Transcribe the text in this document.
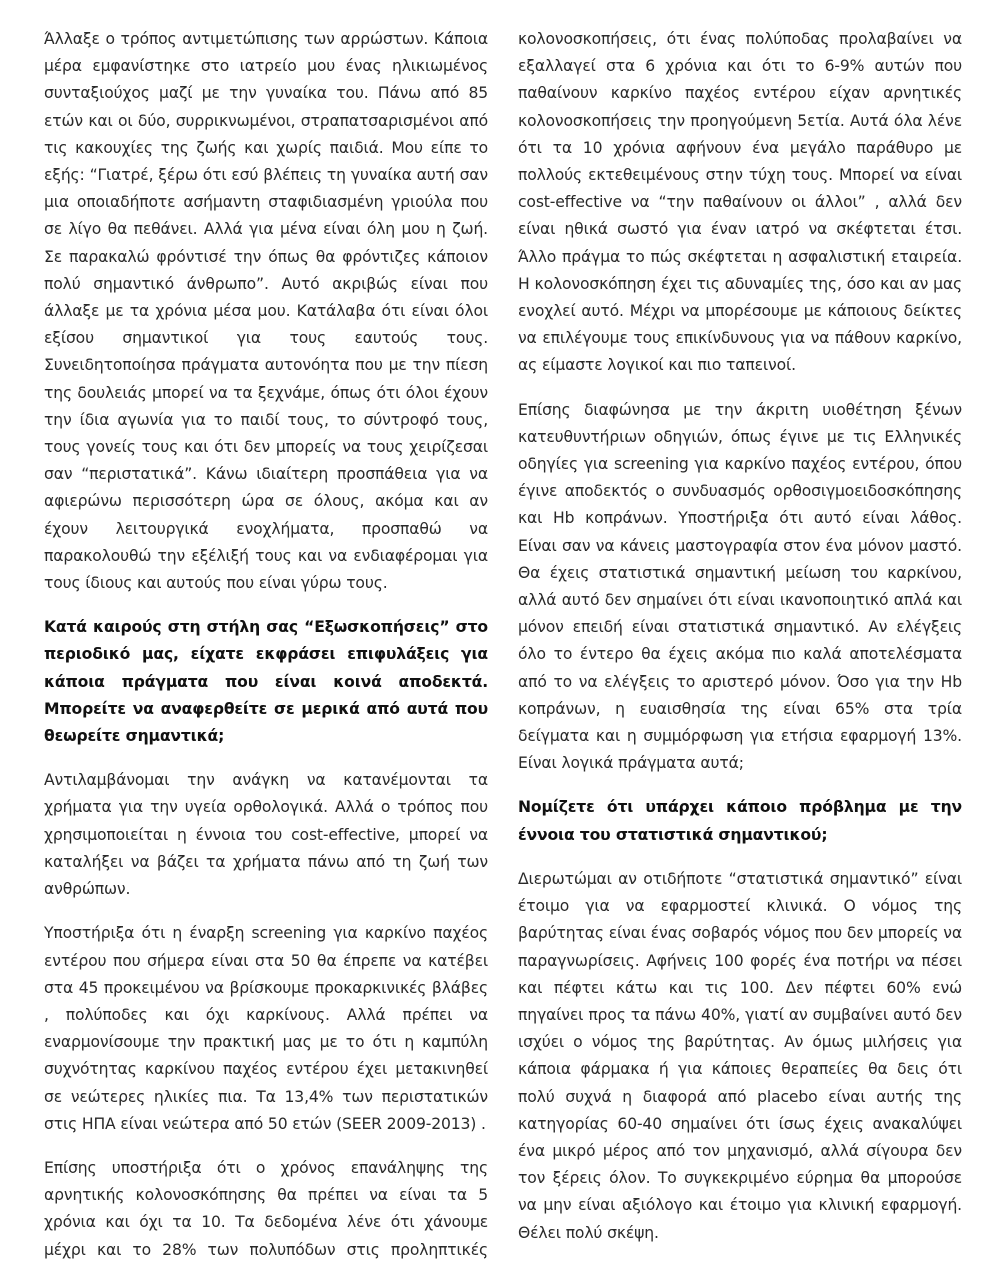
Άλλαξε ο τρόπος αντιμετώπισης των αρρώστων. Κάποια μέρα εμφανίστηκε στο ιατρείο μου ένας ηλικιωμένος συνταξιούχος μαζί με την γυναίκα του. Πάνω από 85 ετών και οι δύο, συρρικνωμένοι, στραπατσαρισμένοι από τις κακουχίες της ζωής και χωρίς παιδιά. Μου είπε το εξής: “Γιατρέ, ξέρω ότι εσύ βλέπεις τη γυναίκα αυτή σαν μια οποιαδήποτε ασήμαντη σταφιδιασμένη γριούλα που σε λίγο θα πεθάνει. Αλλά για μένα είναι όλη μου η ζωή. Σε παρακαλώ φρόντισέ την όπως θα φρόντιζες κάποιον πολύ σημαντικό άνθρωπο”. Αυτό ακριβώς είναι που άλλαξε με τα χρόνια μέσα μου. Κατάλαβα ότι είναι όλοι εξίσου σημαντικοί για τους εαυτούς τους. Συνειδητοποίησα πράγματα αυτονόητα που με την πίεση της δουλειάς μπορεί να τα ξεχνάμε, όπως ότι όλοι έχουν την ίδια αγωνία για το παιδί τους, το σύντροφό τους, τους γονείς τους και ότι δεν μπορείς να τους χειρίζεσαι σαν “περιστατικά”. Κάνω ιδιαίτερη προσπάθεια για να αφιερώνω περισσότερη ώρα σε όλους, ακόμα και αν έχουν λειτουργικά ενοχλήματα, προσπαθώ να παρακολουθώ την εξέλιξή τους και να ενδιαφέρομαι για τους ίδιους και αυτούς που είναι γύρω τους.

Κατά καιρούς στη στήλη σας “Εξωσκοπήσεις” στο περιοδικό μας, είχατε εκφράσει επιφυλάξεις για κάποια πράγματα που είναι κοινά αποδεκτά. Μπορείτε να αναφερθείτε σε μερικά από αυτά που θεωρείτε σημαντικά;

Αντιλαμβάνομαι την ανάγκη να κατανέμονται τα χρήματα για την υγεία ορθολογικά. Αλλά ο τρόπος που χρησιμοποιείται η έννοια του cost-effective, μπορεί να καταλήξει να βάζει τα χρήματα πάνω από τη ζωή των ανθρώπων.

Υποστήριξα ότι η έναρξη screening για καρκίνο παχέος εντέρου που σήμερα είναι στα 50 θα έπρεπε να κατέβει στα 45 προκειμένου να βρίσκουμε προκαρκινικές βλάβες , πολύποδες και όχι καρκίνους. Αλλά πρέπει να εναρμονίσουμε την πρακτική μας με το ότι η καμπύλη συχνότητας καρκίνου παχέος εντέρου έχει μετακινηθεί σε νεώτερες ηλικίες πια. Τα 13,4% των περιστατικών στις ΗΠΑ είναι νεώτερα από 50 ετών (SEER 2009-2013) .

Επίσης υποστήριξα ότι ο χρόνος επανάληψης της αρνητικής κολονοσκόπησης θα πρέπει να είναι τα 5 χρόνια και όχι τα 10. Τα δεδομένα λένε ότι χάνουμε μέχρι και το 28% των πολυπόδων στις προληπτικές κολονοσκοπήσεις, ότι ένας πολύποδας προλαβαίνει να εξαλλαγεί στα 6 χρόνια και ότι το 6-9% αυτών που παθαίνουν καρκίνο παχέος εντέρου είχαν αρνητικές κολονοσκοπήσεις την προηγούμενη 5ετία. Αυτά όλα λένε ότι τα 10 χρόνια αφήνουν ένα μεγάλο παράθυρο με πολλούς εκτεθειμένους στην τύχη τους. Μπορεί να είναι cost-effective να “την παθαίνουν οι άλλοι” , αλλά δεν είναι ηθικά σωστό για έναν ιατρό να σκέφτεται έτσι. Άλλο πράγμα το πώς σκέφτεται η ασφαλιστική εταιρεία. Η κολονοσκόπηση έχει τις αδυναμίες της, όσο και αν μας ενοχλεί αυτό. Μέχρι να μπορέσουμε με κάποιους δείκτες να επιλέγουμε τους επικίνδυνους για να πάθουν καρκίνο, ας είμαστε λογικοί και πιο ταπεινοί.

Επίσης διαφώνησα με την άκριτη υιοθέτηση ξένων κατευθυντήριων οδηγιών, όπως έγινε με τις Ελληνικές οδηγίες για screening για καρκίνο παχέος εντέρου, όπου έγινε αποδεκτός ο συνδυασμός ορθοσιγμοειδοσκόπησης και Hb κοπράνων. Υποστήριξα ότι αυτό είναι λάθος. Είναι σαν να κάνεις μαστογραφία στον ένα μόνον μαστό. Θα έχεις στατιστικά σημαντική μείωση του καρκίνου, αλλά αυτό δεν σημαίνει ότι είναι ικανοποιητικό απλά και μόνον επειδή είναι στατιστικά σημαντικό. Αν ελέγξεις όλο το έντερο θα έχεις ακόμα πιο καλά αποτελέσματα από το να ελέγξεις το αριστερό μόνον. Όσο για την Hb κοπράνων, η ευαισθησία της είναι 65% στα τρία δείγματα και η συμμόρφωση για ετήσια εφαρμογή 13%. Είναι λογικά πράγματα αυτά;

Νομίζετε ότι υπάρχει κάποιο πρόβλημα με την έννοια του στατιστικά σημαντικού;

Διερωτώμαι αν οτιδήποτε “στατιστικά σημαντικό” είναι έτοιμο για να εφαρμοστεί κλινικά. Ο νόμος της βαρύτητας είναι ένας σοβαρός νόμος που δεν μπορείς να παραγνωρίσεις. Αφήνεις 100 φορές ένα ποτήρι να πέσει και πέφτει κάτω και τις 100. Δεν πέφτει 60% ενώ πηγαίνει προς τα πάνω 40%, γιατί αν συμβαίνει αυτό δεν ισχύει ο νόμος της βαρύτητας. Αν όμως μιλήσεις για κάποια φάρμακα ή για κάποιες θεραπείες θα δεις ότι πολύ συχνά η διαφορά από placebo είναι αυτής της κατηγορίας 60-40 σημαίνει ότι ίσως έχεις ανακαλύψει ένα μικρό μέρος από τον μηχανισμό, αλλά σίγουρα δεν τον ξέρεις όλον. Το συγκεκριμένο εύρημα θα μπορούσε να μην είναι αξιόλογο και έτοιμο για κλινική εφαρμογή. Θέλει πολύ σκέψη.
